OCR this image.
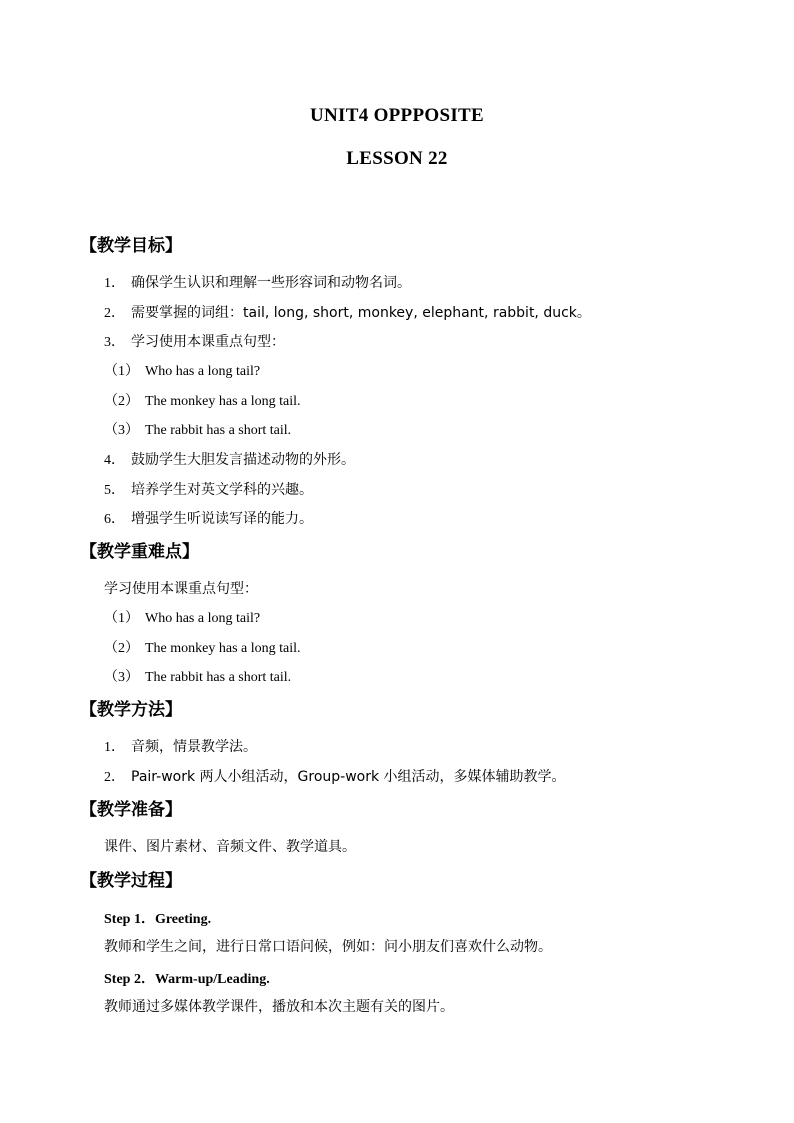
UNIT4 OPPPOSITE
LESSON 22
【教学目标】
1． 确保学生认识和理解一些形容词和动物名词。
2． 需要掌握的词组：tail, long, short, monkey, elephant, rabbit, duck。
3． 学习使用本课重点句型：
（1） Who has a long tail?
（2） The monkey has a long tail.
（3） The rabbit has a short tail.
4． 鼓励学生大胆发言描述动物的外形。
5． 培养学生对英文学科的兴趣。
6． 增强学生听说读写译的能力。
【教学重难点】
学习使用本课重点句型：
（1） Who has a long tail?
（2） The monkey has a long tail.
（3） The rabbit has a short tail.
【教学方法】
1． 音频，情景教学法。
2． Pair-work 两人小组活动，Group-work 小组活动，多媒体辅助教学。
【教学准备】
课件、图片素材、音频文件、教学道具。
【教学过程】
Step 1．Greeting.
教师和学生之间，进行日常口语问候，例如：问小朋友们喜欢什么动物。
Step 2．Warm-up/Leading.
教师通过多媒体教学课件，播放和本次主题有关的图片。
